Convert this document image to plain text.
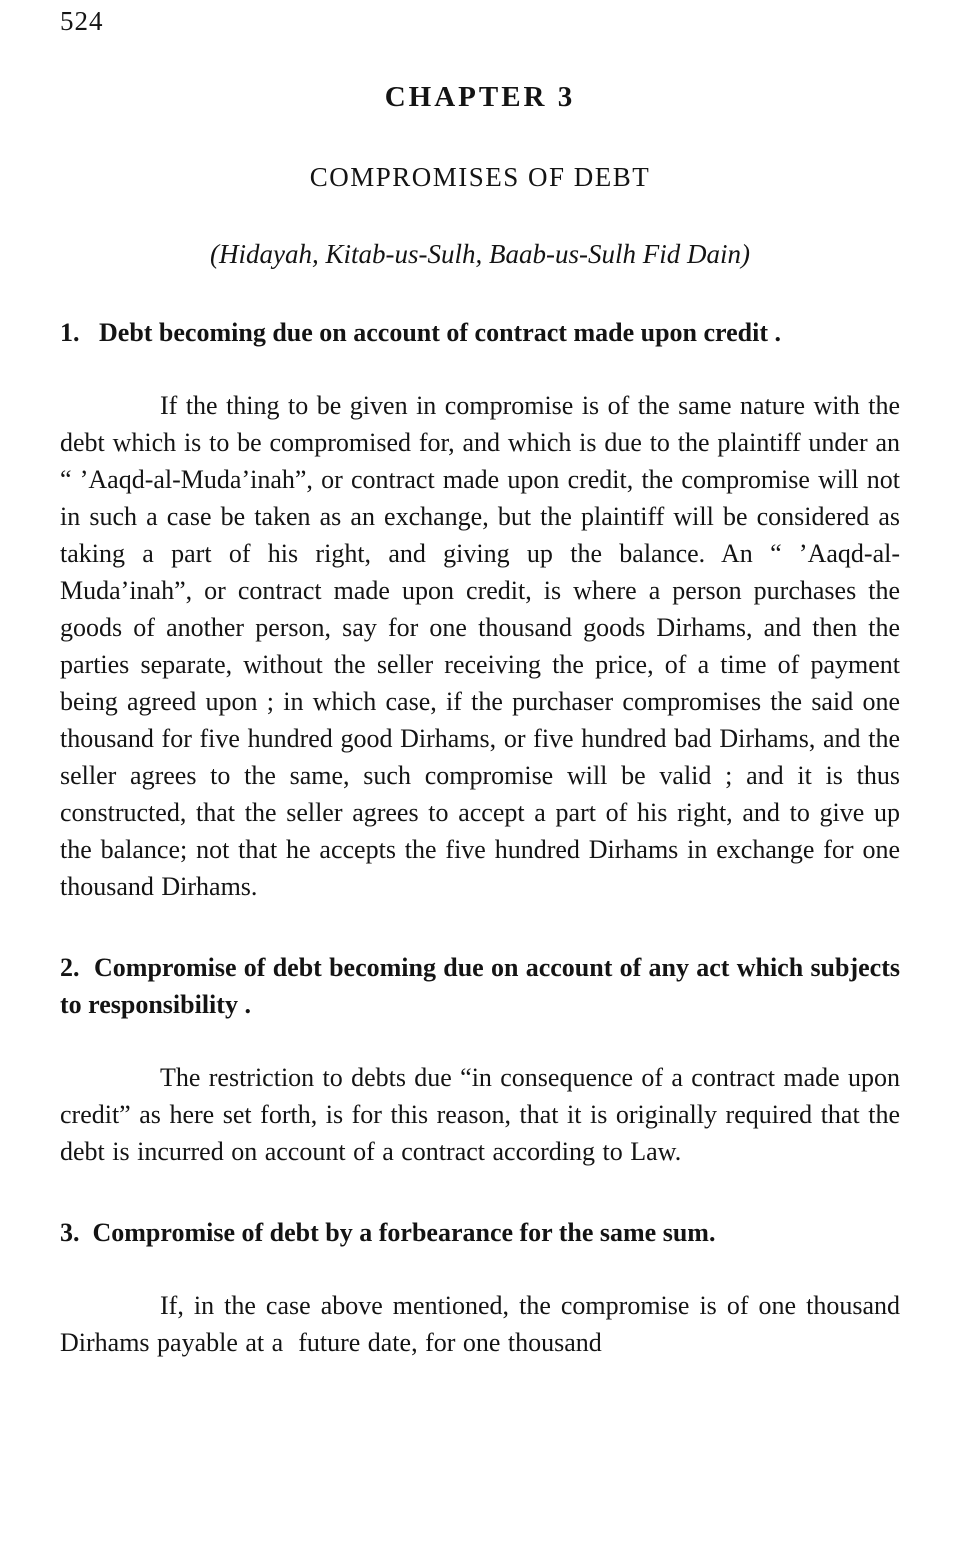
524

CHAPTER 3
COMPROMISES OF DEBT

(Hidayah, Kitab-us-Sulh, Baab-us-Sulh Fid Dain)

1.   Debt becoming due on account of contract made upon credit .

If the thing to be given in compromise is of the same nature with the debt which is to be compromised for, and which is due to the plaintiff under an “ ’Aaqd-al-Muda’inah”, or contract made upon credit, the compromise will not in such a case be taken as an exchange, but the plaintiff will be considered as taking a part of his right, and giving up the balance. An “ ’Aaqd-al-Muda’inah”, or contract made upon credit, is where a person purchases the goods of another person, say for one thousand goods Dirhams, and then the parties separate, without the seller receiving the price, of a time of payment being agreed upon ; in which case, if the purchaser compromises the said one thousand for five hundred good Dirhams, or five hundred bad Dirhams, and the seller agrees to the same, such compromise will be valid ; and it is thus constructed, that the seller agrees to accept a part of his right, and to give up the balance; not that he accepts the five hundred Dirhams in exchange for one thousand Dirhams.

2.  Compromise of debt becoming due on account of any act which subjects to responsibility .

The restriction to debts due “in consequence of a contract made upon credit” as here set forth, is for this reason, that it is originally required that the debt is incurred on account of a contract according to Law.

3.  Compromise of debt by a forbearance for the same sum.

If, in the case above mentioned, the compromise is of one thousand Dirhams payable at a  future date, for one thousand
